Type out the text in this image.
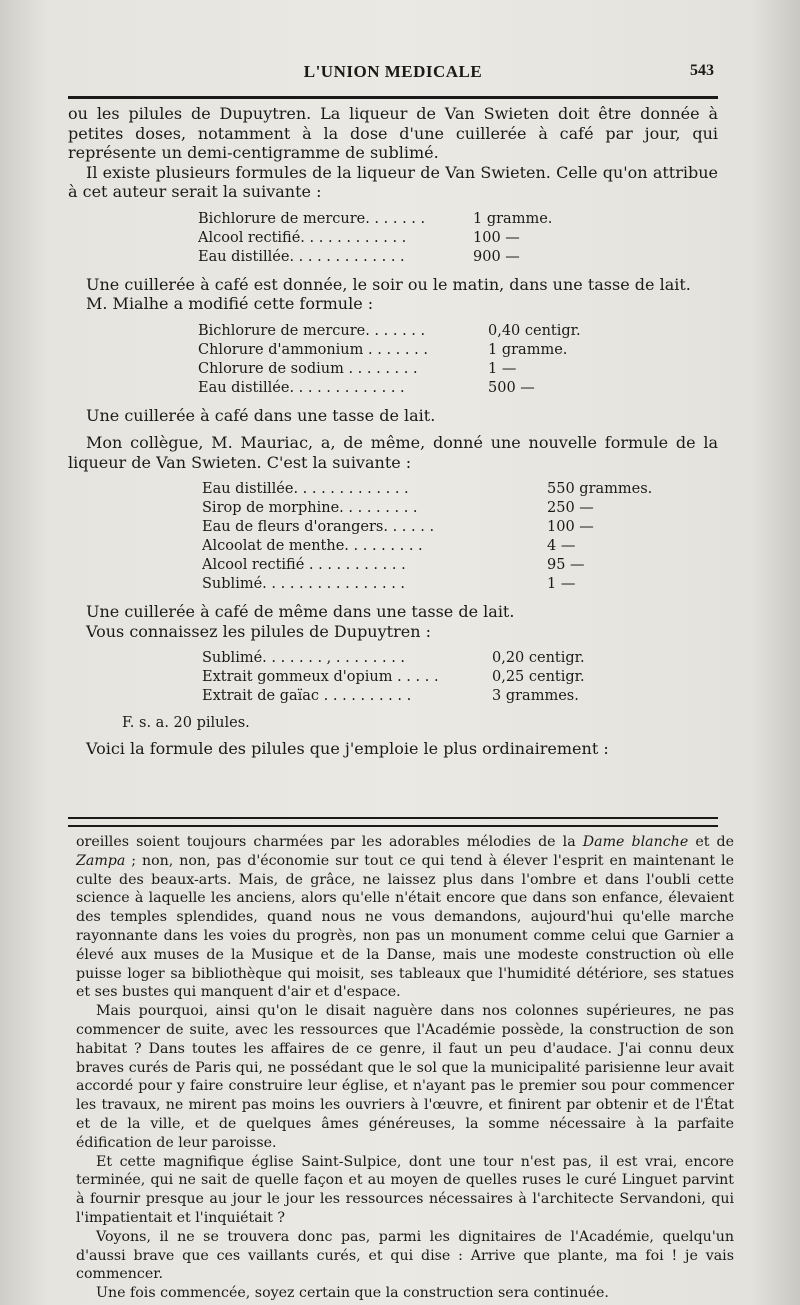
L'UNION MEDICALE	543

ou les pilules de Dupuytren. La liqueur de Van Swieten doit être donnée à petites doses, notamment à la dose d'une cuillerée à café par jour, qui représente un demi-centigramme de sublimé.

Il existe plusieurs formules de la liqueur de Van Swieten. Celle qu'on attribue à cet auteur serait la suivante :

Bichlorure de mercure. . . . . . .	1 gramme.
Alcool rectifié. . . . . . . . . . . .	100 —
Eau distillée. . . . . . . . . . . . .	900 —

Une cuillerée à café est donnée, le soir ou le matin, dans une tasse de lait.

M. Mialhe a modifié cette formule :

Bichlorure de mercure. . . . . . .	0,40 centigr.
Chlorure d'ammonium . . . . . . .	1 gramme.
Chlorure de sodium . . . . . . . .	1 —
Eau distillée. . . . . . . . . . . . .	500 —

Une cuillerée à café dans une tasse de lait.

Mon collègue, M. Mauriac, a, de même, donné une nouvelle formule de la liqueur de Van Swieten. C'est la suivante :

Eau distillée. . . . . . . . . . . . .	550 grammes.
Sirop de morphine. . . . . . . . .	250 —
Eau de fleurs d'orangers. . . . . .	100 —
Alcoolat de menthe. . . . . . . . .	4 —
Alcool rectifié . . . . . . . . . . .	95 —
Sublimé. . . . . . . . . . . . . . . .	1 —

Une cuillerée à café de même dans une tasse de lait.

Vous connaissez les pilules de Dupuytren :

Sublimé. . . . . . . , . . . . . . . .	0,20 centigr.
Extrait gommeux d'opium . . . . .	0,25 centigr.
Extrait de gaïac . . . . . . . . . .	3 grammes.
F. s. a. 20 pilules.

Voici la formule des pilules que j'emploie le plus ordinairement :

oreilles soient toujours charmées par les adorables mélodies de la Dame blanche et de Zampa ; non, non, pas d'économie sur tout ce qui tend à élever l'esprit en maintenant le culte des beaux-arts. Mais, de grâce, ne laissez plus dans l'ombre et dans l'oubli cette science à laquelle les anciens, alors qu'elle n'était encore que dans son enfance, élevaient des temples splendides, quand nous ne vous demandons, aujourd'hui qu'elle marche rayonnante dans les voies du progrès, non pas un monument comme celui que Garnier a élevé aux muses de la Musique et de la Danse, mais une modeste construction où elle puisse loger sa bibliothèque qui moisit, ses tableaux que l'humidité détériore, ses statues et ses bustes qui manquent d'air et d'espace.

Mais pourquoi, ainsi qu'on le disait naguère dans nos colonnes supérieures, ne pas commencer de suite, avec les ressources que l'Académie possède, la construction de son habitat ? Dans toutes les affaires de ce genre, il faut un peu d'audace. J'ai connu deux braves curés de Paris qui, ne possédant que le sol que la municipalité parisienne leur avait accordé pour y faire construire leur église, et n'ayant pas le premier sou pour commencer les travaux, ne mirent pas moins les ouvriers à l'œuvre, et finirent par obtenir et de l'État et de la ville, et de quelques âmes généreuses, la somme nécessaire à la parfaite édification de leur paroisse.

Et cette magnifique église Saint-Sulpice, dont une tour n'est pas, il est vrai, encore terminée, qui ne sait de quelle façon et au moyen de quelles ruses le curé Linguet parvint à fournir presque au jour le jour les ressources nécessaires à l'architecte Servandoni, qui l'impatientait et l'inquiétait ?

Voyons, il ne se trouvera donc pas, parmi les dignitaires de l'Académie, quelqu'un d'aussi brave que ces vaillants curés, et qui dise : Arrive que plante, ma foi ! je vais commencer.

Une fois commencée, soyez certain que la construction sera continuée.
